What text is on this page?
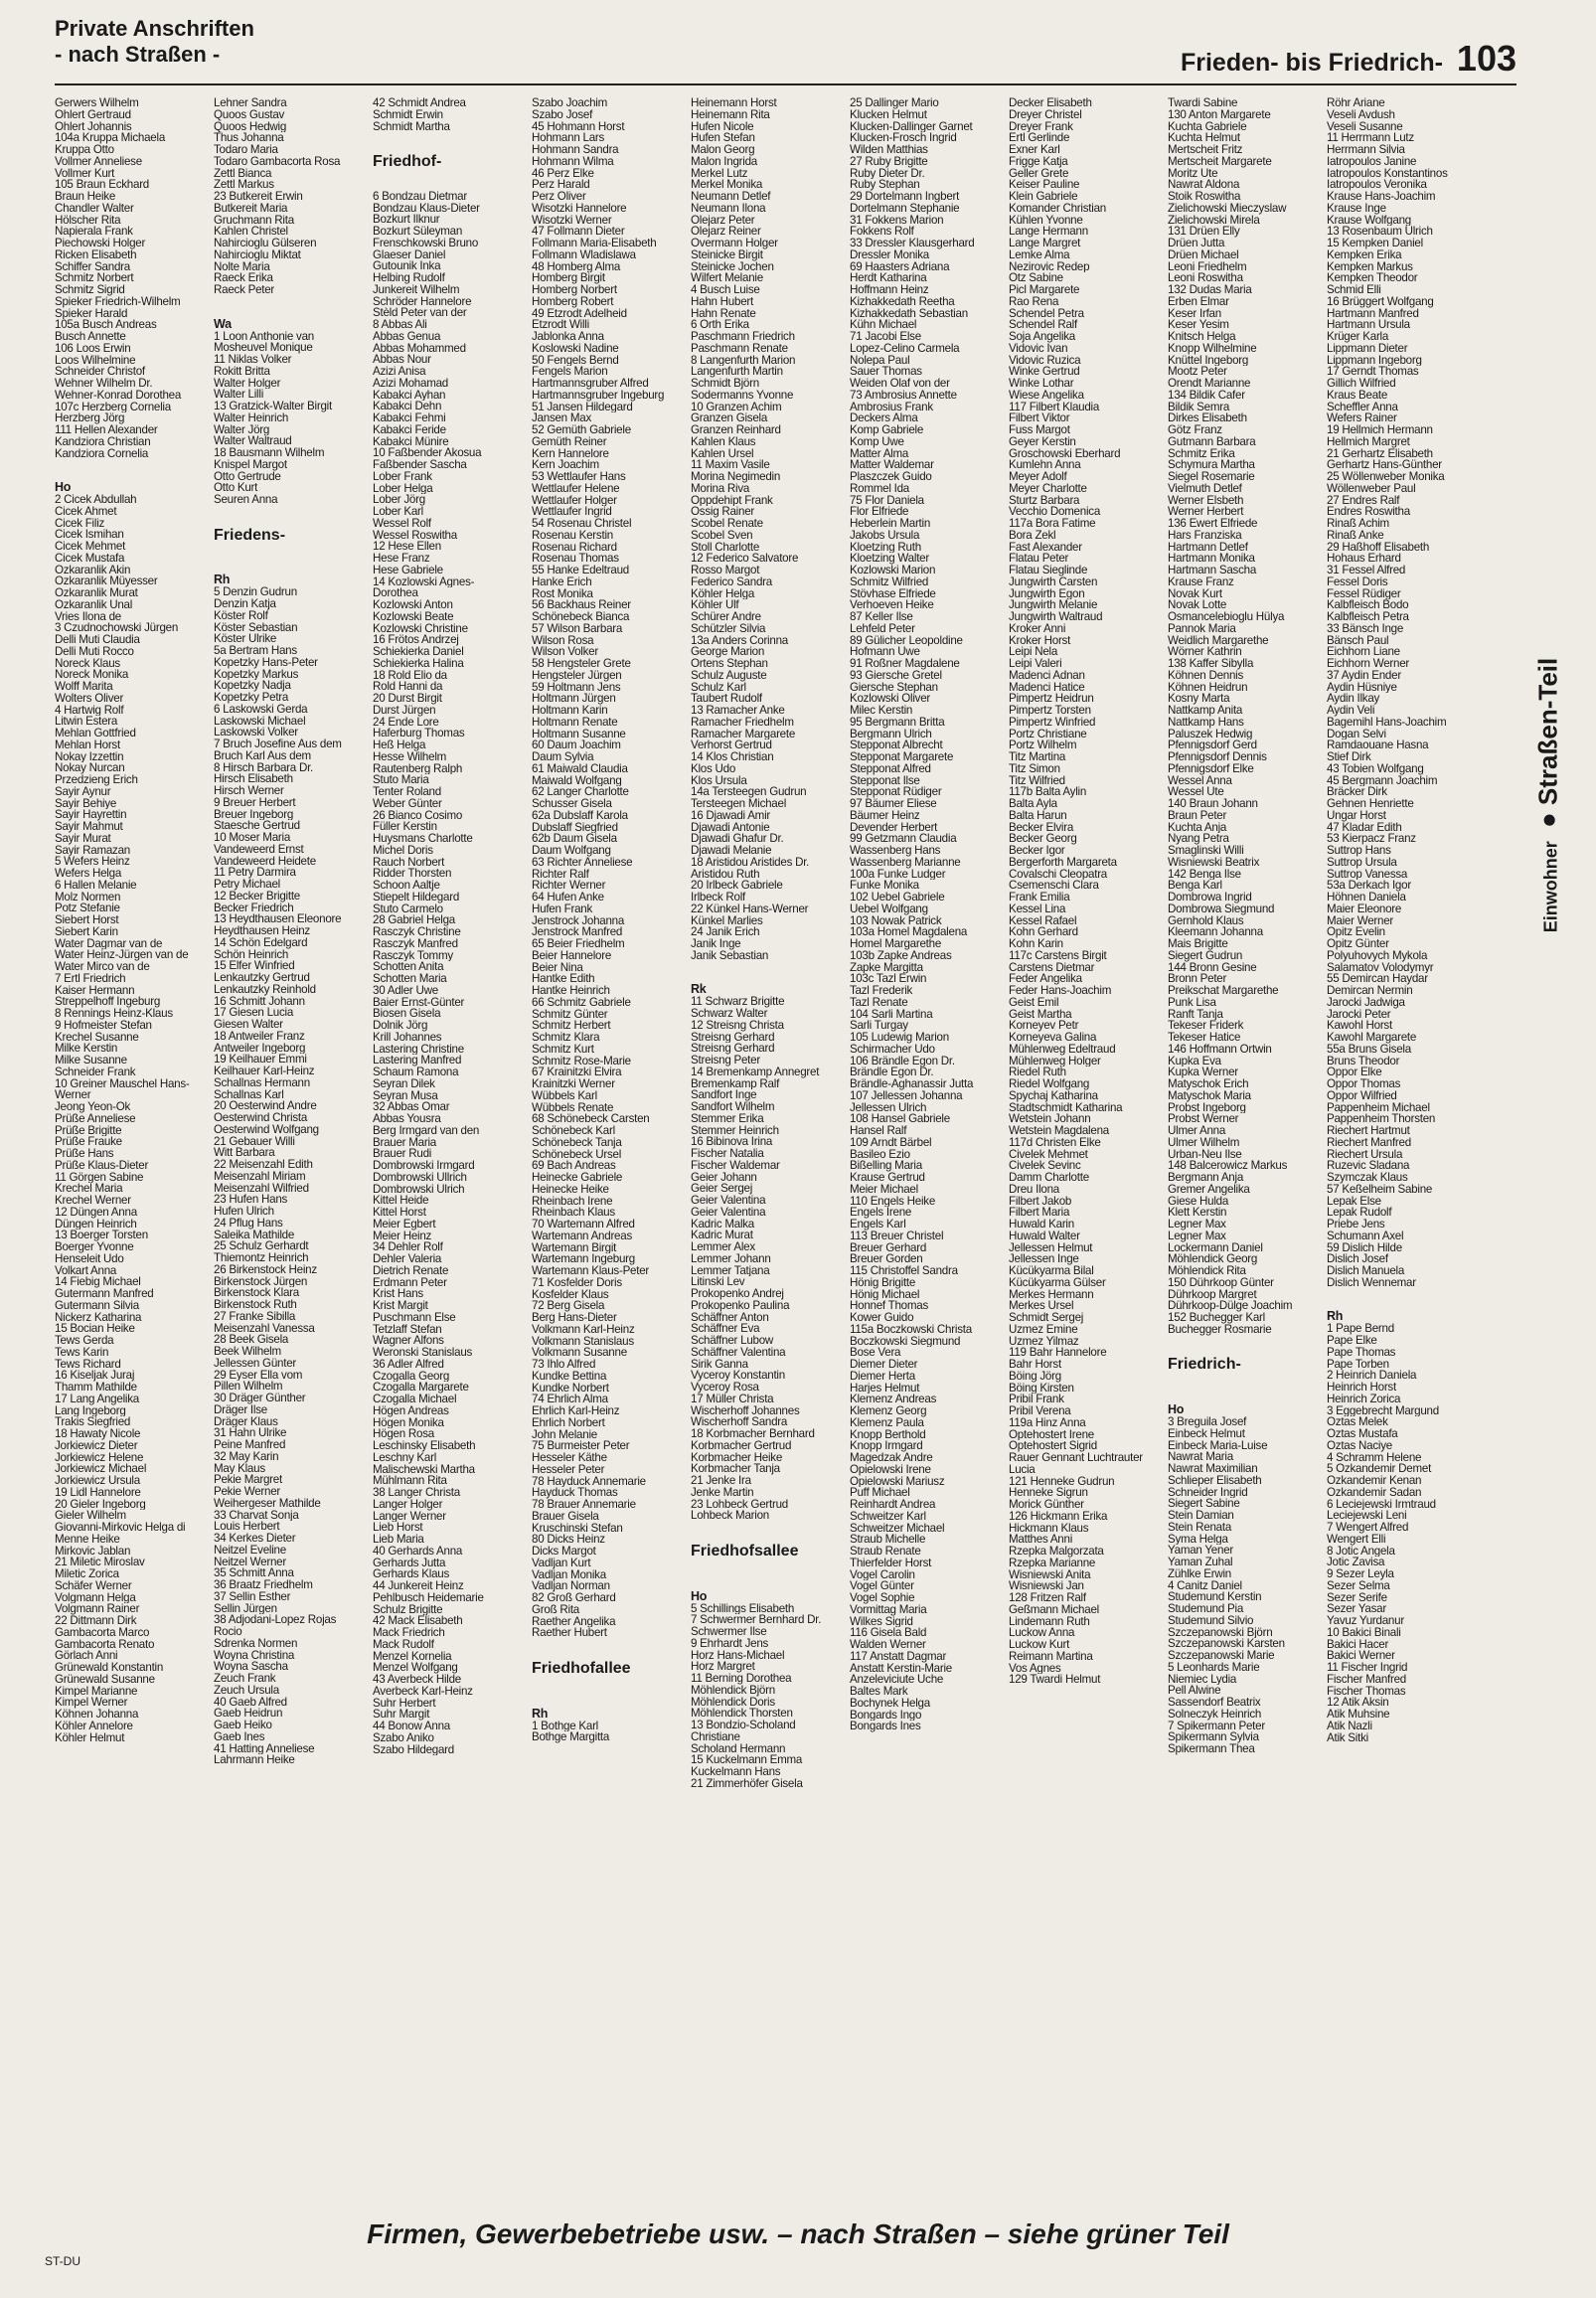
Private Anschriften
- nach Straßen -	Frieden- bis Friedrich- 103
Gerwers Wilhelm
Ohlert Gertraud
Ohlert Johannis
104a Kruppa Michaela
Kruppa Otto
Vollmer Anneliese
Vollmer Kurt
105 Braun Eckhard
Braun Heike
Chandler Walter
Hölscher Rita
Napierala Frank
Piechowski Holger
Ricken Elisabeth
Schiffer Sandra
Schmitz Norbert
Schmitz Sigrid
Spieker Friedrich-Wilhelm
Spieker Harald
105a Busch Andreas
Busch Annette
106 Loos Erwin
Loos Wilhelmine
Schneider Christof
Wehner Wilhelm Dr.
Wehner-Konrad Dorothea
107c Herzberg Cornelia
Herzberg Jörg
111 Hellen Alexander
Kandziora Christian
Kandziora Cornelia

Ho
2 Cicek Abdullah
Cicek Ahmet
Cicek Filiz
Cicek Ismihan
Cicek Mehmet
Cicek Mustafa
Özkaranlik Akin
Özkaranlik Müyesser
Özkaranlik Murat
Özkaranlik Ünal
Vries Ilona de
3 Czudnochowski Jürgen
Delli Muti Claudia
Delli Muti Rocco
Noreck Klaus
Noreck Monika
Wolff Marita
Wolters Oliver
4 Hartwig Rolf
Litwin Estera
Mehlan Gottfried
Mehlan Horst
Nokay Izzettin
Nokay Nurcan
Przedzieng Erich
Sayir Aynur
Sayir Behiye
Sayir Hayrettin
Sayir Mahmut
Sayir Murat
Sayir Ramazan
5 Wefers Heinz
Wefers Helga
6 Hallen Melanie
Molz Normen
Potz Stefanie
Siebert Horst
Siebert Karin
Water Dagmar van de
Water Heinz-Jürgen van de
Water Mirco van de
7 Ertl Friedrich
Kaiser Hermann
Streppelhoff Ingeburg
8 Rennings Heinz-Klaus
9 Hofmeister Stefan
Krechel Susanne
Milke Kerstin
Milke Susanne
Schneider Frank
10 Greiner Mauschel Hans-
Werner
Jeong Yeon-Ok
Prüße Anneliese
Prüße Brigitte
Prüße Frauke
Prüße Hans
Prüße Klaus-Dieter
11 Görgen Sabine
Krechel Maria
Krechel Werner
12 Düngen Anna
Düngen Heinrich
13 Boerger Torsten
Boerger Yvonne
Henseleit Udo
Volkart Anna
14 Fiebig Michael
Gutermann Manfred
Gutermann Silvia
Nickerz Katharina
15 Bocian Heike
Tews Gerda
Tews Karin
Tews Richard
16 Kiseljak Juraj
Thamm Mathilde
17 Lang Angelika
Lang Ingeborg
Trakis Siegfried
18 Hawaty Nicole
Jorkiewicz Dieter
Jorkiewicz Helene
Jorkiewicz Michael
Jorkiewicz Ursula
19 Lidl Hannelore
20 Gieler Ingeborg
Gieler Wilhelm
Giovanni-Mirkovic Helga di
Menne Heike
Mirkovic Jablan
21 Miletic Miroslav
Miletic Zorica
Schäfer Werner
Volgmann Helga
Volgmann Rainer
22 Dittmann Dirk
Gambacorta Marco
Gambacorta Renato
Görlach Anni
Grünewald Konstantin
Grünewald Susanne
Kimpel Marianne
Kimpel Werner
Köhnen Johanna
Köhler Annelore
Köhler Helmut
Lehner Sandra
Quoos Gustav
Quoos Hedwig
Thus Johanna
Todaro Maria
Todaro Gambacorta Rosa
Zettl Bianca
Zettl Markus
23 Butkereit Erwin
Butkereit Maria
Gruchmann Rita
Kahlen Christel
Nahircioglu Gülseren
Nahircioglu Miktat
Nolte Maria
Raeck Erika
Raeck Peter

Wa
1 Loon Anthonie van
Mosheuvel Monique
11 Niklas Volker
Rokitt Britta
Walter Holger
Walter Lilli
13 Gratzick-Walter Birgit
Walter Heinrich
Walter Jörg
Walter Waltraud
18 Bausmann Wilhelm
Knispel Margot
Otto Gertrude
Otto Kurt
Seuren Anna

Friedens-

Rh
5 Denzin Gudrun
Denzin Katja
Köster Rolf
Köster Sebastian
Köster Ulrike
5a Bertram Hans
Kopetzky Hans-Peter
Kopetzky Markus
Kopetzky Nadja
Kopetzky Petra
6 Laskowski Gerda
Laskowski Michael
Laskowski Volker
7 Bruch Josefine Aus dem
Bruch Karl Aus dem
8 Hirsch Barbara Dr.
Hirsch Elisabeth
Hirsch Werner
9 Breuer Herbert
Breuer Ingeborg
Staesche Gertrud
10 Moser Maria
Vandeweerd Ernst
Vandeweerd Heidete
11 Petry Darmira
Petry Michael
12 Becker Brigitte
Becker Friedrich
13 Heydthausen Eleonore
Heydthausen Heinz
14 Schön Edelgard
Schön Heinrich
15 Elfer Winfried
Lenkautzky Gertrud
Lenkautzky Reinhold
16 Schmitt Johann
17 Giesen Lucia
Giesen Walter
18 Antweiler Franz
Antweiler Ingeborg
19 Keilhauer Emmi
Keilhauer Karl-Heinz
Schallnas Hermann
Schallnas Karl
20 Oesterwind Andre
Oesterwind Christa
Oesterwind Wolfgang
21 Gebauer Willi
Witt Barbara
22 Meisenzahl Edith
Meisenzahl Miriam
Meisenzahl Wilfried
23 Hufen Hans
Hufen Ulrich
24 Pflug Hans
Saleika Mathilde
25 Schulz Gerhardt
Thiemontz Heinrich
26 Birkenstock Heinz
Birkenstock Jürgen
Birkenstock Klara
Birkenstock Ruth
27 Franke Sibilla
Meisenzahl Vanessa
28 Beek Gisela
Beek Wilhelm
Jellessen Günter
29 Eyser Ella vom
Pillen Wilhelm
30 Dräger Günther
Dräger Ilse
Dräger Klaus
31 Hahn Ulrike
Peine Manfred
32 May Karin
May Klaus
Pekie Margret
Pekie Werner
Weihergeser Mathilde
33 Charvat Sonja
Louis Herbert
34 Kerkes Dieter
Neitzel Eveline
Neitzel Werner
35 Schmitt Anna
36 Braatz Friedhelm
37 Sellin Esther
Sellin Jürgen
38 Adjodani-Lopez Rojas
Rocio
Sdrenka Normen
Woyna Christina
Woyna Sascha
Zeuch Frank
Zeuch Ursula
40 Gaeb Alfred
Gaeb Heidrun
Gaeb Heiko
Gaeb Ines
41 Hatting Anneliese
Lahrmann Heike
42 Schmidt Andrea
Schmidt Erwin
Schmidt Martha

Friedhof-

6 Bondzau Dietmar
Bondzau Klaus-Dieter
Bozkurt Ilknur
Bozkurt Süleyman
Frenschkowski Bruno
Glaeser Daniel
Gutounik Inka
Helbing Rudolf
Junkereit Wilhelm
Schröder Hannelore
Stèld Peter van der
8 Abbas Ali
Abbas Genua
Abbas Mohammed
Abbas Nour
Azizi Anisa
Azizi Mohamad
Kabakci Ayhan
Kabakci Dehn
Kabakci Fehmi
Kabakci Feride
Kabakci Münire
10 Faßbender Akosua
Faßbender Sascha
Lober Frank
Lober Helga
Lober Jörg
Lober Karl
Wessel Rolf
Wessel Roswitha
12 Hese Ellen
Hese Franz
Hese Gabriele
14 Kozlowski Agnes-
Dorothea
Kozlowski Anton
Kozlowski Beate
Kozlowski Christine
16 Frötos Andrzej
Schiekierka Daniel
Schiekierka Halina
18 Rold Elio da
Rold Hanni da
20 Durst Birgit
Durst Jürgen
24 Ende Lore
Haferburg Thomas
Heß Helga
Hesse Wilhelm
Rautenberg Ralph
Stuto Maria
Tenter Roland
Weber Günter
26 Bianco Cosimo
Füller Kerstin
Huysmans Charlotte
Michel Doris
Rauch Norbert
Ridder Thorsten
Schoon Aaltje
Stiepelt Hildegard
Stuto Carmelo
28 Gabriel Helga
Rasczyk Christine
Rasczyk Manfred
Rasczyk Tommy
Schotten Anita
Schotten Maria
30 Adler Uwe
Baier Ernst-Günter
Biosen Gisela
Dolnik Jörg
Krill Johannes
Lastering Christine
Lastering Manfred
Schaum Ramona
Seyran Dilek
Seyran Musa
32 Abbas Omar
Abbas Yousra
Berg Irmgard van den
Brauer Maria
Brauer Rudi
Dombrowski Irmgard
Dombrowski Ullrich
Dombrowski Ulrich
Kittel Heide
Kittel Horst
Meier Egbert
Meier Heinz
34 Dehler Rolf
Dehler Valeria
Dietrich Renate
Erdmann Peter
Krist Hans
Krist Margit
Puschmann Else
Tetzlaff Stefan
Wagner Alfons
Weronski Stanislaus
36 Adler Alfred
Czogalla Georg
Czogalla Margarete
Czogalla Michael
Högen Andreas
Högen Monika
Högen Rosa
Leschinsky Elisabeth
Leschny Karl
Malischewski Martha
Mühlmann Rita
38 Langer Christa
Langer Holger
Langer Werner
Lieb Horst
Lieb Maria
40 Gerhards Anna
Gerhards Jutta
Gerhards Klaus
44 Junkereit Heinz
Pehlbusch Heidemarie
Schulz Brigitte
42 Mack Elisabeth
Mack Friedrich
Mack Rudolf
Menzel Kornelia
Menzel Wolfgang
43 Averbeck Hilde
Averbeck Karl-Heinz
Suhr Herbert
Suhr Margit
44 Bonow Anna
Szabo Aniko
Szabo Hildegard
Szabo Joachim
Szabo Josef
45 Hohmann Horst
Hohmann Lars
Hohmann Sandra
Hohmann Wilma
46 Perz Elke
Perz Harald
Perz Oliver
Wisotzki Hannelore
Wisotzki Werner
47 Follmann Dieter
Follmann Maria-Elisabeth
Follmann Wladislawa
48 Homberg Alma
Homberg Birgit
Homberg Norbert
Homberg Robert
49 Etzrodt Adelheid
Etzrodt Willi
Jablonka Anna
Koslowski Nadine
50 Fengels Bernd
Fengels Marion
Hartmannsgruber Alfred
Hartmannsgruber Ingeburg
51 Jansen Hildegard
Jansen Max
52 Gemüth Gabriele
Gemüth Reiner
Kern Hannelore
Kern Joachim
53 Wettlaufer Hans
Wettlaufer Helene
Wettlaufer Holger
Wettlaufer Ingrid
54 Rosenau Christel
Rosenau Kerstin
Rosenau Richard
Rosenau Thomas
55 Hanke Edeltraud
Hanke Erich
Rost Monika
56 Backhaus Reiner
Schönebeck Bianca
57 Wilson Barbara
Wilson Rosa
Wilson Volker
58 Hengsteler Grete
Hengsteler Jürgen
59 Holtmann Jens
Holtmann Jürgen
Holtmann Karin
Holtmann Renate
Holtmann Susanne
60 Daum Joachim
Daum Sylvia
61 Maiwald Claudia
Maiwald Wolfgang
62 Langer Charlotte
Schusser Gisela
62a Dubslaff Karola
Dubslaff Siegfried
62b Daum Gisela
Daum Wolfgang
63 Richter Anneliese
Richter Ralf
Richter Werner
64 Hufen Anke
Hufen Frank
Jenstrock Johanna
Jenstrock Manfred
65 Beier Friedhelm
Beier Hannelore
Beier Nina
Hantke Edith
Hantke Heinrich
66 Schmitz Gabriele
Schmitz Günter
Schmitz Herbert
Schmitz Klara
Schmitz Kurt
Schmitz Rose-Marie
67 Krainitzki Elvira
Krainitzki Werner
Wübbels Karl
Wübbels Renate
68 Schönebeck Carsten
Schönebeck Karl
Schönebeck Tanja
Schönebeck Ursel
69 Bach Andreas
Heinecke Gabriele
Heinecke Heike
Rheinbach Irene
Rheinbach Klaus
70 Wartemann Alfred
Wartemann Andreas
Wartemann Birgit
Wartemann Ingeburg
Wartemann Klaus-Peter
71 Kosfelder Doris
Kosfelder Klaus
72 Berg Gisela
Berg Hans-Dieter
Volkmann Karl-Heinz
Volkmann Stanislaus
Volkmann Susanne
73 Ihlo Alfred
Kundke Bettina
Kundke Norbert
74 Ehrlich Alma
Ehrlich Karl-Heinz
Ehrlich Norbert
John Melanie
75 Burmeister Peter
Hesseler Käthe
Hesseler Peter
78 Hayduck Annemarie
Hayduck Thomas
78 Brauer Annemarie
Brauer Gisela
Kruschinski Stefan
80 Dicks Heinz
Dicks Margot
Vadljan Kurt
Vadljan Monika
Vadljan Norman
82 Groß Gerhard
Groß Rita
Raether Angelika
Raether Hubert

Friedhofallee

Rh
1 Bothge Karl
Bothge Margitta
Heinemann Horst
Heinemann Rita
Hufen Nicole
Hufen Stefan
Malon Georg
Malon Ingrida
Merkel Lutz
Merkel Monika
Neumann Detlef
Neumann Ilona
Olejarz Peter
Olejarz Reiner
Overmann Holger
Steinicke Birgit
Steinicke Jochen
Wilfert Melanie
4 Busch Luise
Hahn Hubert
Hahn Renate
6 Orth Erika
Paschmann Friedrich
Paschmann Renate
8 Langenfurth Marion
Langenfurth Martin
Schmidt Björn
Sodermanns Yvonne
10 Granzen Achim
Granzen Gisela
Granzen Reinhard
Kahlen Klaus
Kahlen Ursel
11 Maxim Vasile
Morina Negimedin
Morina Riva
Oppdehipt Frank
Ossig Rainer
Scobel Renate
Scobel Sven
Stoll Charlotte
12 Federico Salvatore
Rosso Margot
Federico Sandra
Köhler Helga
Köhler Ulf
Schürer Andre
Schützler Silvia
13a Anders Corinna
George Marion
Ortens Stephan
Schulz Auguste
Schulz Karl
Taubert Rudolf
13 Ramacher Anke
Ramacher Friedhelm
Ramacher Margarete
Verhorst Gertrud
14 Klos Christian
Klos Udo
Klos Ursula
14a Tersteegen Gudrun
Tersteegen Michael
16 Djawadi Amir
Djawadi Antonie
Djawadi Ghafur Dr.
Djawadi Melanie
18 Aristidou Aristides Dr.
Aristidou Ruth
20 Irlbeck Gabriele
Irlbeck Rolf
22 Künkel Hans-Werner
Künkel Marlies
24 Janik Erich
Janik Inge
Janik Sebastian

Rk
11 Schwarz Brigitte
Schwarz Walter
12 Streisng Christa
Streisng Gerhard
Streisng Gerhard
Streisng Peter
14 Bremenkamp Annegret
Bremenkamp Ralf
Sandfort Inge
Sandfort Wilhelm
Stemmer Erika
Stemmer Heinrich
16 Bibinova Irina
Fischer Natalia
Fischer Waldemar
Geier Johann
Geier Sergej
Geier Valentina
Geier Valentina
Kadric Malka
Kadric Murat
Lemmer Alex
Lemmer Johann
Lemmer Tatjana
Litinski Lev
Prokopenko Andrej
Prokopenko Paulina
Schäffner Anton
Schäffner Eva
Schäffner Lubow
Schäffner Valentina
Sirik Ganna
Vyceroy Konstantin
Vyceroy Rosa
17 Müller Christa
Wischerhoff Johannes
Wischerhoff Sandra
18 Korbmacher Bernhard
Korbmacher Gertrud
Korbmacher Heike
Korbmacher Tanja
21 Jenke Ira
Jenke Martin
23 Lohbeck Gertrud
Lohbeck Marion

Friedhofsallee

Ho
5 Schillings Elisabeth
7 Schwermer Bernhard Dr.
Schwermer Ilse
9 Ehrhardt Jens
Horz Hans-Michael
Horz Margret
11 Berning Dorothea
Möhlendick Björn
Möhlendick Doris
Möhlendick Thorsten
13 Bondzio-Scholand
Christiane
Scholand Hermann
15 Kuckelmann Emma
Kuckelmann Hans
21 Zimmerhöfer Gisela
25 Dallinger Mario
Klucken Helmut
Klucken-Dallinger Garnet
Klucken-Frosch Ingrid
Wilden Matthias
27 Ruby Brigitte
Ruby Dieter Dr.
Ruby Stephan
29 Dortelmann Ingbert
Dortelmann Stephanie
31 Fokkens Marion
Fokkens Rolf
33 Dressler Klausgerhard
Dressler Monika
69 Haasters Adriana
Herdt Katharina
Hoffmann Heinz
Kizhakkedath Reetha
Kizhakkedath Sebastian
Kühn Michael
71 Jacobi Else
Lopez-Celino Carmela
Nolepa Paul
Sauer Thomas
Weiden Olaf von der
73 Ambrosius Annette
Ambrosius Frank
Deckers Alma
Komp Gabriele
Komp Uwe
Matter Alma
Matter Waldemar
Plaszczek Guido
Rommel Ida
75 Flor Daniela
Flor Elfriede
Heberlein Martin
Jakobs Ursula
Kloetzing Ruth
Kloetzing Walter
Kozlowski Marion
Schmitz Wilfried
Stövhase Elfriede
Verhoeven Heike
87 Keller Ilse
Lehfeld Peter
89 Gülicher Leopoldine
Hofmann Uwe
91 Roßner Magdalene
93 Giersche Gretel
Giersche Stephan
Kozlowski Oliver
Milec Kerstin
95 Bergmann Britta
Bergmann Ulrich
Stepponat Albrecht
Stepponat Margarete
Stepponat Alfred
Stepponat Ilse
Stepponat Rüdiger
97 Bäumer Eliese
Bäumer Heinz
Devender Herbert
99 Getzmann Claudia
Wassenberg Hans
Wassenberg Marianne
100a Funke Ludger
Funke Monika
102 Uebel Gabriele
Uebel Wolfgang
103 Nowak Patrick
103a Homel Magdalena
Homel Margarethe
103b Zapke Andreas
Zapke Margitta
103c Tazl Erwin
Tazl Frederik
Tazl Renate
104 Sarli Martina
Sarli Turgay
105 Ludewig Marion
Schirmacher Udo
106 Brändle Egon Dr.
Brändle Egon Dr.
Brändle-Aghanassir Jutta
107 Jellessen Johanna
Jellessen Ulrich
108 Hansel Gabriele
Hansel Ralf
109 Arndt Bärbel
Basileo Ezio
Bißelling Maria
Krause Gertrud
Meier Michael
110 Engels Heike
Engels Irene
Engels Karl
113 Breuer Christel
Breuer Gerhard
Breuer Gorden
115 Christoffel Sandra
Hönig Brigitte
Hönig Michael
Honnef Thomas
Kower Guido
115a Boczkowski Christa
Boczkowski Siegmund
Bose Vera
Diemer Dieter
Diemer Herta
Harjes Helmut
Klemenz Andreas
Klemenz Georg
Klemenz Paula
Knopp Berthold
Knopp Irmgard
Magedzak Andre
Opielowski Irene
Opielowski Mariusz
Puff Michael
Reinhardt Andrea
Schweitzer Karl
Schweitzer Michael
Straub Michelle
Straub Renate
Thierfelder Horst
Vogel Carolin
Vogel Günter
Vogel Sophie
Vormittag Maria
Wilkes Sigrid
116 Gisela Bald
Walden Werner
117 Anstatt Dagmar
Anstatt Kerstin-Marie
Anzeleviciute Uche
Baltes Mark
Bochynek Helga
Bongards Ingo
Bongards Ines
Decker Elisabeth
Dreyer Christel
Dreyer Frank
Ertl Gerlinde
Exner Karl
Frigge Katja
Geller Grete
Keiser Pauline
Klein Gabriele
Komander Christian
Kühlen Yvonne
Lange Hermann
Lange Margret
Lemke Alma
Nezirovic Redep
Otz Sabine
Picl Margarete
Rao Rena
Schendel Petra
Schendel Ralf
Soja Angelika
Vidovic Ivan
Vidovic Ruzica
Winke Gertrud
Winke Lothar
Wiese Angelika
117 Filbert Klaudia
Filbert Viktor
Fuss Margot
Geyer Kerstin
Groschowski Eberhard
Kumlehn Anna
Meyer Adolf
Meyer Charlotte
Sturtz Barbara
Vecchio Domenica
117a Bora Fatime
Bora Zekl
Fast Alexander
Flatau Peter
Flatau Sieglinde
Jungwirth Carsten
Jungwirth Egon
Jungwirth Melanie
Jungwirth Waltraud
Kroker Anni
Kroker Horst
Leipi Nela
Leipi Valeri
Madenci Adnan
Madenci Hatice
Pimpertz Heidrun
Pimpertz Torsten
Pimpertz Winfried
Portz Christiane
Portz Wilhelm
Titz Martina
Titz Simon
Titz Wilfried
117b Balta Aylin
Balta Ayla
Balta Harun
Becker Elvira
Becker Georg
Becker Igor
Bergerforth Margareta
Covalschi Cleopatra
Csemenschi Clara
Frank Emilia
Kessel Lina
Kessel Rafael
Kohn Gerhard
Kohn Karin
117c Carstens Birgit
Carstens Dietmar
Feder Angelika
Feder Hans-Joachim
Geist Emil
Geist Martha
Korneyev Petr
Korneyeva Galina
Mühlenweg Edeltraud
Mühlenweg Holger
Riedel Ruth
Riedel Wolfgang
Spychaj Katharina
Stadtschmidt Katharina
Wetstein Johann
Wetstein Magdalena
117d Christen Elke
Civelek Mehmet
Civelek Sevinc
Damm Charlotte
Dreu Ilona
Filbert Jakob
Filbert Maria
Huwald Karin
Huwald Walter
Jellessen Helmut
Jellessen Inge
Kücükyarma Bilal
Kücükyarma Gülser
Merkes Hermann
Merkes Ursel
Schmidt Sergej
Uzmez Emine
Uzmez Yilmaz
119 Bahr Hannelore
Bahr Horst
Böing Jörg
Böing Kirsten
Pribil Frank
Pribil Verena
119a Hinz Anna
Optehostert Irene
Optehostert Sigrid
Rauer Gennant Luchtrauter
Lucia
121 Henneke Gudrun
Henneke Sigrun
Morick Günther
126 Hickmann Erika
Hickmann Klaus
Matthes Anni
Rzepka Malgorzata
Rzepka Marianne
Wisniewski Anita
Wisniewski Jan
128 Fritzen Ralf
Geßmann Michael
Lindemann Ruth
Luckow Anna
Luckow Kurt
Reimann Martina
Vos Agnes
129 Twardi Helmut
Twardi Sabine
130 Anton Margarete
Kuchta Gabriele
Kuchta Helmut
Mertscheit Fritz
Mertscheit Margarete
Moritz Ute
Nawrat Aldona
Stoik Roswitha
Zielichowski Mieczyslaw
Zielichowski Mirela
131 Drüen Elly
Drüen Jutta
Drüen Michael
Leoni Friedhelm
Leoni Roswitha
132 Dudas Maria
Erben Elmar
Keser Irfan
Keser Yesim
Knitsch Helga
Knopp Wilhelmine
Knüttel Ingeborg
Mootz Peter
Orendt Marianne
134 Bildik Cafer
Bildik Semra
Dirkes Elisabeth
Götz Franz
Gutmann Barbara
Schmitz Erika
Schymura Martha
Siegel Rosemarie
Vielmuth Detlef
Werner Elsbeth
Werner Herbert
136 Ewert Elfriede
Hars Franziska
Hartmann Detlef
Hartmann Monika
Hartmann Sascha
Krause Franz
Novak Kurt
Novak Lotte
Osmancelebioglu Hülya
Pannok Maria
Weidlich Margarethe
Wörner Kathrin
138 Kaffer Sibylla
Köhnen Dennis
Köhnen Heidrun
Kosny Marta
Nattkamp Anita
Nattkamp Hans
Paluszek Hedwig
Pfennigsdorf Gerd
Pfennigsdorf Dennis
Pfennigsdorf Elke
Wessel Anna
Wessel Ute
140 Braun Johann
Braun Peter
Kuchta Anja
Nyang Petra
Smaglinski Willi
Wisniewski Beatrix
142 Benga Ilse
Benga Karl
Dombrowa Ingrid
Dombrowa Siegmund
Gernhold Klaus
Kleemann Johanna
Mais Brigitte
Siegert Gudrun
144 Bronn Gesine
Bronn Peter
Preikschat Margarethe
Punk Lisa
Ranft Tanja
Tekeser Friderk
Tekeser Hatice
146 Hoffmann Ortwin
Kupka Eva
Kupka Werner
Matyschok Erich
Matyschok Maria
Probst Ingeborg
Probst Werner
Ulmer Anna
Ulmer Wilhelm
Urban-Neu Ilse
148 Balcerowicz Markus
Bergmann Anja
Gremer Angelika
Giese Hulda
Klett Kerstin
Legner Max
Legner Max
Lockermann Daniel
Möhlendick Georg
Möhlendick Rita
150 Dührkoop Günter
Dührkoop Margret
Dührkoop-Dülge Joachim
152 Buchegger Karl
Buchegger Rosmarie

Friedrich-

Ho
3 Breguila Josef
Einbeck Helmut
Einbeck Maria-Luise
Nawrat Maria
Nawrat Maximilian
Schlieper Elisabeth
Schneider Ingrid
Siegert Sabine
Stein Damian
Stein Renata
Syma Helga
Yaman Yener
Yaman Zuhal
Zühlke Erwin
4 Canitz Daniel
Studemund Kerstin
Studemund Pia
Studemund Silvio
Szczepanowski Björn
Szczepanowski Karsten
Szczepanowski Marie
5 Leonhards Marie
Niemiec Lydia
Pell Alwine
Sassendorf Beatrix
Solneczyk Heinrich
7 Spikermann Peter
Spikermann Sylvia
Spikermann Thea
Röhr Ariane
Veseli Avdush
Veseli Susanne
11 Herrmann Lutz
Herrmann Silvia
Iatropoulos Janine
Iatropoulos Konstantinos
Iatropoulos Veronika
Krause Hans-Joachim
Krause Inge
Krause Wolfgang
13 Rosenbaum Ulrich
15 Kempken Daniel
Kempken Erika
Kempken Markus
Kempken Theodor
Schmid Elli
16 Brüggert Wolfgang
Hartmann Manfred
Hartmann Ursula
Krüger Karla
Lippmann Dieter
Lippmann Ingeborg
17 Gerndt Thomas
Gillich Wilfried
Kraus Beate
Scheffler Anna
Wefers Rainer
19 Hellmich Hermann
Hellmich Margret
21 Gerhartz Elisabeth
Gerhartz Hans-Günther
25 Wöllenweber Monika
Wöllenweber Paul
27 Endres Ralf
Endres Roswitha
Rinaß Achim
Rinaß Anke
29 Haßhoff Elisabeth
Hohaus Erhard
31 Fessel Alfred
Fessel Doris
Fessel Rüdiger
Kalbfleisch Bodo
Kalbfleisch Petra
33 Bänsch Inge
Bänsch Paul
Eichhorn Liane
Eichhorn Werner
37 Aydin Ender
Aydin Hüsniye
Aydin Ilkay
Aydin Veli
Bagemihl Hans-Joachim
Dogan Selvi
Ramdaouane Hasna
Stief Dirk
43 Tobien Wolfgang
45 Bergmann Joachim
Bräcker Dirk
Gehnen Henriette
Ungar Horst
47 Kladar Edith
53 Kierpacz Franz
Suttrop Hans
Suttrop Ursula
Suttrop Vanessa
53a Derkach Igor
Höhnen Daniela
Maier Eleonore
Maier Werner
Opitz Evelin
Opitz Günter
Polyuhovych Mykola
Salamatov Volodymyr
55 Demircan Haydar
Demircan Nermin
Jarocki Jadwiga
Jarocki Peter
Kawohl Horst
Kawohl Margarete
55a Bruns Gisela
Bruns Theodor
Oppor Elke
Oppor Thomas
Oppor Wilfried
Pappenheim Michael
Pappenheim Thorsten
Riechert Hartmut
Riechert Manfred
Riechert Ursula
Ruzevic Sladana
Szymczak Klaus
57 Keßelheim Sabine
Lepak Else
Lepak Rudolf
Priebe Jens
Schumann Axel
59 Dislich Hilde
Dislich Josef
Dislich Manuela
Dislich Wennemar

Rh
1 Pape Bernd
Pape Elke
Pape Thomas
Pape Torben
2 Heinrich Daniela
Heinrich Horst
Heinrich Zorica
3 Eggebrecht Margund
Öztas Melek
Öztas Mustafa
Öztas Naciye
4 Schramm Helene
5 Özkandemir Demet
Özkandemir Kenan
Özkandemir Sadan
6 Leciejewski Irmtraud
Leciejewski Leni
7 Wengert Alfred
Wengert Elli
8 Jotic Angela
Jotic Zavisa
9 Sezer Leyla
Sezer Selma
Sezer Serife
Sezer Yasar
Yavuz Yurdanur
10 Bakici Binali
Bakici Hacer
Bakici Werner
11 Fischer Ingrid
Fischer Manfred
Fischer Thomas
12 Atik Aksin
Atik Muhsine
Atik Nazli
Atik Sitki
Einwohner ● Straßen-Teil
Firmen, Gewerbebetriebe usw. – nach Straßen – siehe grüner Teil
ST-DU
